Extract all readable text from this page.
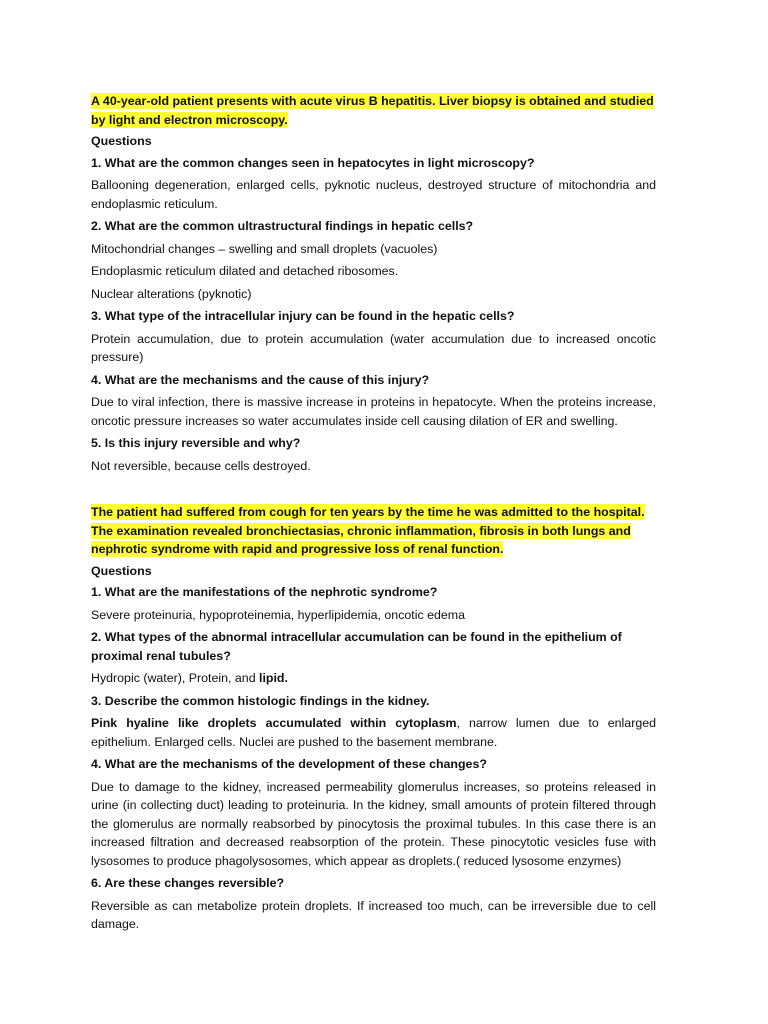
A 40-year-old patient presents with acute virus B hepatitis. Liver biopsy is obtained and studied by light and electron microscopy.
Questions
1. What are the common changes seen in hepatocytes in light microscopy?

Ballooning degeneration, enlarged cells, pyknotic nucleus, destroyed structure of mitochondria and endoplasmic reticulum.

2. What are the common ultrastructural findings in hepatic cells?

Mitochondrial changes – swelling and small droplets (vacuoles)

Endoplasmic reticulum dilated and detached ribosomes.

Nuclear alterations (pyknotic)

3. What type of the intracellular injury can be found in the hepatic cells?

Protein accumulation, due to protein accumulation (water accumulation due to increased oncotic pressure)

4. What are the mechanisms and the cause of this injury?

Due to viral infection, there is massive increase in proteins in hepatocyte. When the proteins increase, oncotic pressure increases so water accumulates inside cell causing dilation of ER and swelling.

5. Is this injury reversible and why?

Not reversible, because cells destroyed.

The patient had suffered from cough for ten years by the time he was admitted to the hospital. The examination revealed bronchiectasias, chronic inflammation, fibrosis in both lungs and nephrotic syndrome with rapid and progressive loss of renal function.
Questions
1. What are the manifestations of the nephrotic syndrome?

Severe proteinuria, hypoproteinemia, hyperlipidemia, oncotic edema

2. What types of the abnormal intracellular accumulation can be found in the epithelium of proximal renal tubules?

Hydropic (water), Protein, and lipid.

3. Describe the common histologic findings in the kidney.

Pink hyaline like droplets accumulated within cytoplasm, narrow lumen due to enlarged epithelium. Enlarged cells. Nuclei are pushed to the basement membrane.

4. What are the mechanisms of the development of these changes?

Due to damage to the kidney, increased permeability glomerulus increases, so proteins released in urine (in collecting duct) leading to proteinuria. In the kidney, small amounts of protein filtered through the glomerulus are normally reabsorbed by pinocytosis the proximal tubules. In this case there is an increased filtration and decreased reabsorption of the protein. These pinocytotic vesicles fuse with lysosomes to produce phagolysosomes, which appear as droplets.( reduced lysosome enzymes)

6. Are these changes reversible?

Reversible as can metabolize protein droplets. If increased too much, can be irreversible due to cell damage.
